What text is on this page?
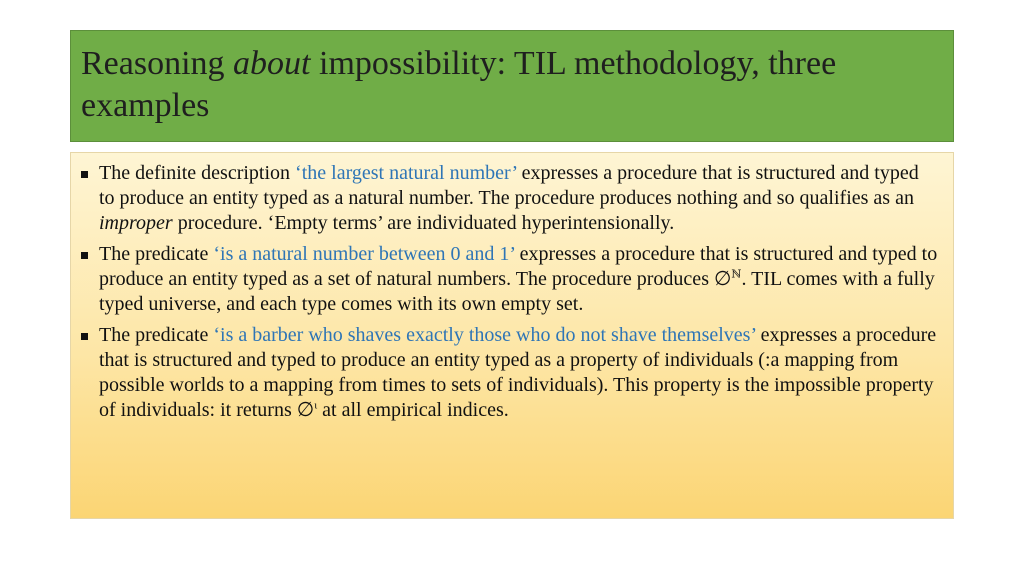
Reasoning about impossibility: TIL methodology, three examples
The definite description ‘the largest natural number’ expresses a procedure that is structured and typed to produce an entity typed as a natural number. The procedure produces nothing and so qualifies as an improper procedure. ‘Empty terms’ are individuated hyperintensionally.
The predicate ‘is a natural number between 0 and 1’ expresses a procedure that is structured and typed to produce an entity typed as a set of natural numbers. The procedure produces ∅$^ℕ$. TIL comes with a fully typed universe, and each type comes with its own empty set.
The predicate ‘is a barber who shaves exactly those who do not shave themselves’ expresses a procedure that is structured and typed to produce an entity typed as a property of individuals (:a mapping from possible worlds to a mapping from times to sets of individuals). This property is the impossible property of individuals: it returns ∅$^\iota$ at all empirical indices.
